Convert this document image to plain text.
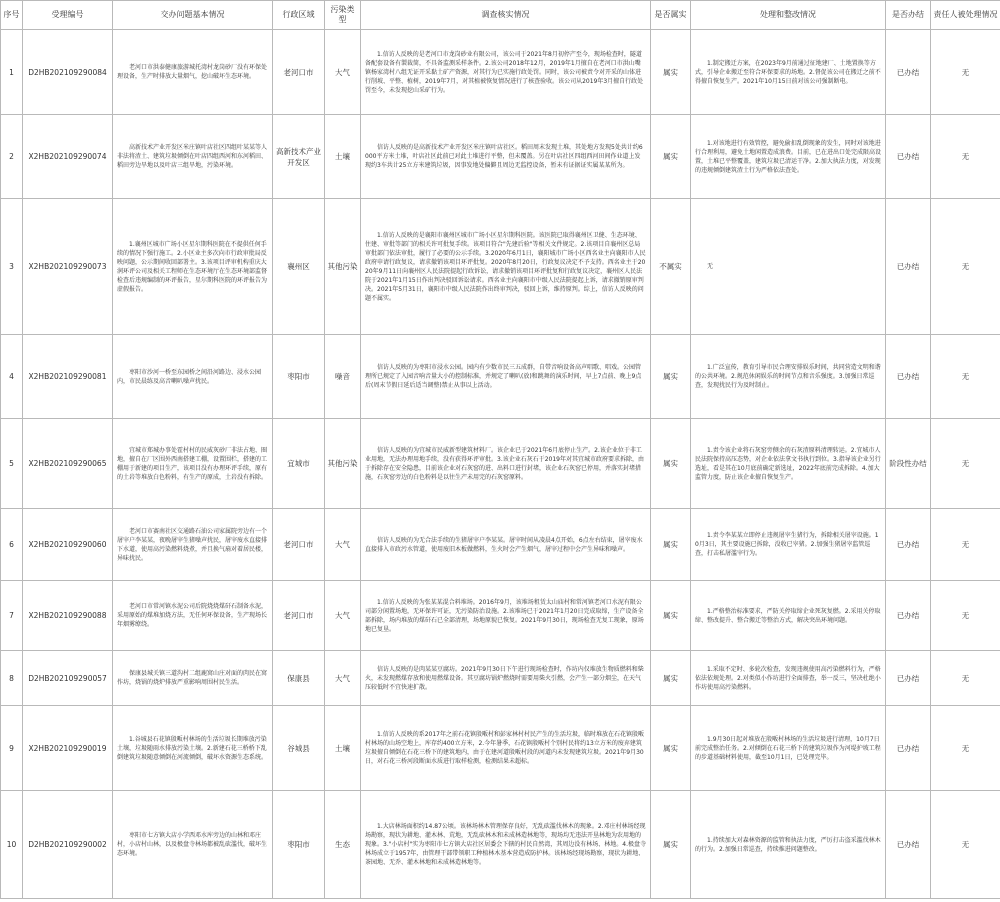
序号	受理编号	交办问题基本情况	行政区域	污染类型	调查核实情况	是否属实	处理和整改情况	是否办结	责任人被处理情况
1	D2HB202109290084	老河口市洪泰健康旅游城托湾村龙岗砂厂没有环保处理设备，生产时排放大量烟气，挖山破坏生态环境。	老河口市	大气	1.信访人反映的是老河口市龙岗砂业有限公司，该公司于2021年8月初停产至今，现场检查时，隧道备配套设备有製裁简，不具备监测采样条件。2.该公司2018年12月，2019年1月擅自在老河口市洪山嘴镇杨家湾村八组无证开采黏土矿产资源，对其行为已实施行政处罚。同时，该公司被责令对开采的山体进行削坡、平整、植树，2019年7月，对其植被恢复情况进行了核查验收。该公司从2019年3月擅自行政处罚至今，未发现挖山采矿行为。	属实	1.制定搬迁方案，在2023年9月前通过征地建厂、土地置换等方式，引导企业搬迁至符合环保要求的场地。2.督促该公司在搬迁之前不得擅自恢复生产。2021年10月15日前对该公司强制断电。	已办结	无
2	X2HB202109290074	高新技术产业开发区米庄镇叶店社区四组叶某某等人非法将渣土、建筑垃圾倾倒在叶店四组西河和东河稻田、稻田旁边旱地以及叶店三组旱地，污染环境。	高新技术产业开发区	土壤	信访人反映的是高新技术产业开发区米庄镇叶店社区。稻田周末发现土堆，其处地方发现5处共计约6000平方米土堆，叶店社区此前已对此土堆进行平整，但未覆盖。另在叶店社区四组西河田间作业道上发现约3车共计25立方米建筑垃圾，因事发地处偏僻且周边无监控设备，暂未有证据证实属某某所为。	属实	1.对该地进行有效管控，避免偷扣乱倒现象的发生，同时对该地进行合理利用，避免土地闲置造成浪费。目前，已在进出口处完成限高设置，土堆已平整覆盖，建筑垃圾已清运干净。2.加大执法力度，对发现的违规倾倒建筑渣土行为严格依法查处。	已办结	无
3	X2HB202109290073	1.襄州区城市广场小区星尔期科医院在不提供任何手续的情况下强行施工。2.小区业主多次向市行政审批局反映问题，公示期间收回部署主。3.该项目评审机构重庆大润环评公司及相关工程师在生态环境厅在生态环境部监督检查后违规编制的环评报告，星尔期科医院的环评报告为虚假报告。	襄州区	其他污染	1.信访人反映的是襄阳市襄州区城市广场小区星尔期科医院。该医院已取得襄州区卫健、生态环境、住建、审批等部门的相关许可批复手续。该项目符合"先建后验"等相关文件规定。2.该项目自襄州区总局审批部门依法审批，履行了必要的公示手续。3.2020年6月1日，襄阳城市广场小区西名业主向襄阳市人民政府申请行政复议，请求撤销该项目环评批复。2020年8月20日，行政复议决定不予支持。西名业主于2020年9月11日向襄州区人民法院提起行政诉讼，请求撤销该项目环评批复和行政复议决定，襄州区人民法院于2021年1月15日作出判决驳回诉讼请求。西名业主向襄阳市中级人民法院提起上诉，请求撤销原审判决。2021年5月31日，襄阳市中级人民法院作出终审判决，驳回上诉，维持原判。综上，信访人反映的问题不属实。	不属实	无	已办结	无
4	X2HB202109290081	枣阳市沙河一桥至东园桥之间沿河路边、浸水公园内，市民晨练及高音喇叭噪声扰民。	枣阳市	噪音	信访人反映的为枣阳市浸水公园。园内有少数市民三五成群，自带音响设备高声唱歌、唱戏。公园管理所已规定了入园音响音量大小的控制标准，并规定了喇叭(放)和跳舞的演乐时间，早上7点前、晚上9点后(周末节假日延后适当调整)禁止从事以上活动。	属实	1.广泛宣传，教育引导市民合理安排娱乐时间，共同营造文明和谐的公共环境。2.规范休闲娱乐的时间节点和音乐强度。3.加强日常巡查，发现扰民行为及时制止。	已办结	无
5	X2HB202109290065	宜城市郑城办事处霍村村的民威灰砂厂非法占地、圈地，擅自在厂区围外西南搭建工棚，设置围栏，搭建的工棚用于新建的项目生产，该项目没有办理环评手续，原有的土岩等堆放白色粉料，有生产的原成，土岩没有拆除。	宜城市	其他污染	信访人反映的为宜城市民威新型建筑材料厂。该企业已于2021年6月底停止生产。2.该企业位于非工业用地，无法办理用地手续，没有获得环评审批。3.该企业石灰石于2019年对其宜城市政府要求拆除，由于拆除存在安全隐患，目前该企业对石灰窑的进、出料口进行封堵，该企业石灰窑已停用，并落实封堵措施，石灰窑旁边的白色粉料是以往生产未用完的石灰窑原料。	属实	1.责令该企业将石灰窑旁侧余的石灰渣原料清理转运。2.宜城市人民法院保持高压态势，对企业依法拿文书执行到位。3.指导该企业另行选址，看是其在10月底前确定新选址，2022年底前完成拆除。4.加大监管力度，防止该企业擅自恢复生产。	阶段性办结	无
6	X2HB202109290060	老河口市赛南社区交通路石油公司家属院旁边有一个屠宰户李某某，夜晚屠宰生猪噪声扰民，屠宰废水直接排下水道，使用高污染燃料烧煮，并且换气扇对着居民楼，异味扰民。	老河口市	大气	信访人反映的为无合法手续的生猪屠宰户李某某。屠宰时间从凌晨4点开始，6点左右结束，屠宰废水直接排入市政污水管道，使用废旧木板做燃料，生火时会产生烟气，屠宰过程中会产生异味和噪声。	属实	1.责令李某某立即停止违规屠宰生猪行为，拆除相关屠宰设施。10月3日，其主要设施已拆除，没收已宰猪。2.加强生猪屠宰监管巡查，打击私屠滥宰行为。	已办结	无
7	X2HB202109290088	老河口市常河镇水泥公司后院烧烧煤矸石制备水泥，采用原始的煤堆加烧方法，无任何环保设备，生产现场长年烟雾缭绕。	老河口市	大气	1.信访人反映的为张某某混合料堆场。2016年9月，该堆场租赁太山庙村和常河镇老河口水泥有限公司部分闲置场地，无环保许可证，无污染防治设施。2.该堆场已于2021年1月20日完成取缔，生产设备全部拆除，场内堆放的煤矸石已全部清理，场地原貌已恢复。2021年9月30日，现场检查无复工现象，原场地已复垦。	属实	1.严格整治标准要求，严防关停取缔企业死灰复燃。2.采用关停取缔、整改提升、整合搬迁等整治方式，解决突出环境问题。	已办结	无
8	D2HB202109290057	保康县城关镇三道沟村二组鹿窝山庄对面的肉民在窝作坊，烧锅的烧炉排放严重影响周围村民生活。	保康县	大气	信访人反映的是肉某某豆腐坊。2021年9月30日下午进行现场检查时，作坊内仅堆放生物质燃料和柴火，未发现燃煤存放和使用燃煤设备。其豆腐坊锅炉燃烧时需要用柴火引燃，会产生一部分烟尘，在天气压较低时不宜快速扩散。	属实	1.采取不定时、多轮次检查，发现违规使用高污染燃料行为，严格依法依规处理。2.对类似小作坊进行全面排查，举一反三，坚决杜绝小作坊使用高污染燃料。	已办结	无
9	X2HB202109290019	1.谷城县石花镇殷畈村林场的生活垃圾长期堆放污染土壤，垃圾随雨水排放污染土壤。2.新建石花三桥桥下乱倒建筑垃圾随意倾倒在河流倾倒，破坏水资源生态系统。	谷城县	土壤	1.信访人反映的系2017年之前石花镇殷畈村和彭家林村村民产生的生活垃圾，临时堆放在石花镇殷畈村林场的山场空地上，库存约400立方米，2.今年暑季，石花镇殷畈村个别村民将约13立方米的废弃建筑垃圾擅自倾倒在石花三桥下的建筑地内，由于在建河道殷畈村段的河道内未发现建筑垃圾。2021年9月30日，对石花三桥河段断面水质进行取样检测，检测结果未超标。	属实	1.9月30日起对堆放在殷畈村林场的生活垃圾进行清理，10月7日前完成整治任务。2.对倾倒在石花三桥下的建筑垃圾作为河堤护坡工程的步道基础材料使用，截至10月1日，已处理完毕。	已办结	无
10	D2HB202109290002	枣阳市七方镇大店小学西邓水库旁边的山林和邓庄村，小店村山林，以及极盘寺林场都被乱砍滥伐，破坏生态环境。	枣阳市	生态	1.大店林场面积约14.87公顷。该林场林木管理保存良好，无乱砍滥伐林木的现象。2.邓庄村林场经现场勘察，现状为耕地、灌木林、荒地，无乱砍林木和未成林造林地等，现场均无违法开垦林地为农用地的现象。3."小店村"实为枣阳市七方镇大店社区居委会下辖的村民自然湾，其周边没有林场、林地。4.极盘寺林场成立于1957年，由管理干部带领职工种植林木基本营造成防护林。该林场经现场勘察，现状为耕地、茶园地、无乔、灌木林地和未成林造林地等。	属实	1.持续加大对森林资源的监管和执法力度，严厉打击盗采滥伐林木的行为。2.加强日常巡查，持续推进问题整改。	已办结	无
